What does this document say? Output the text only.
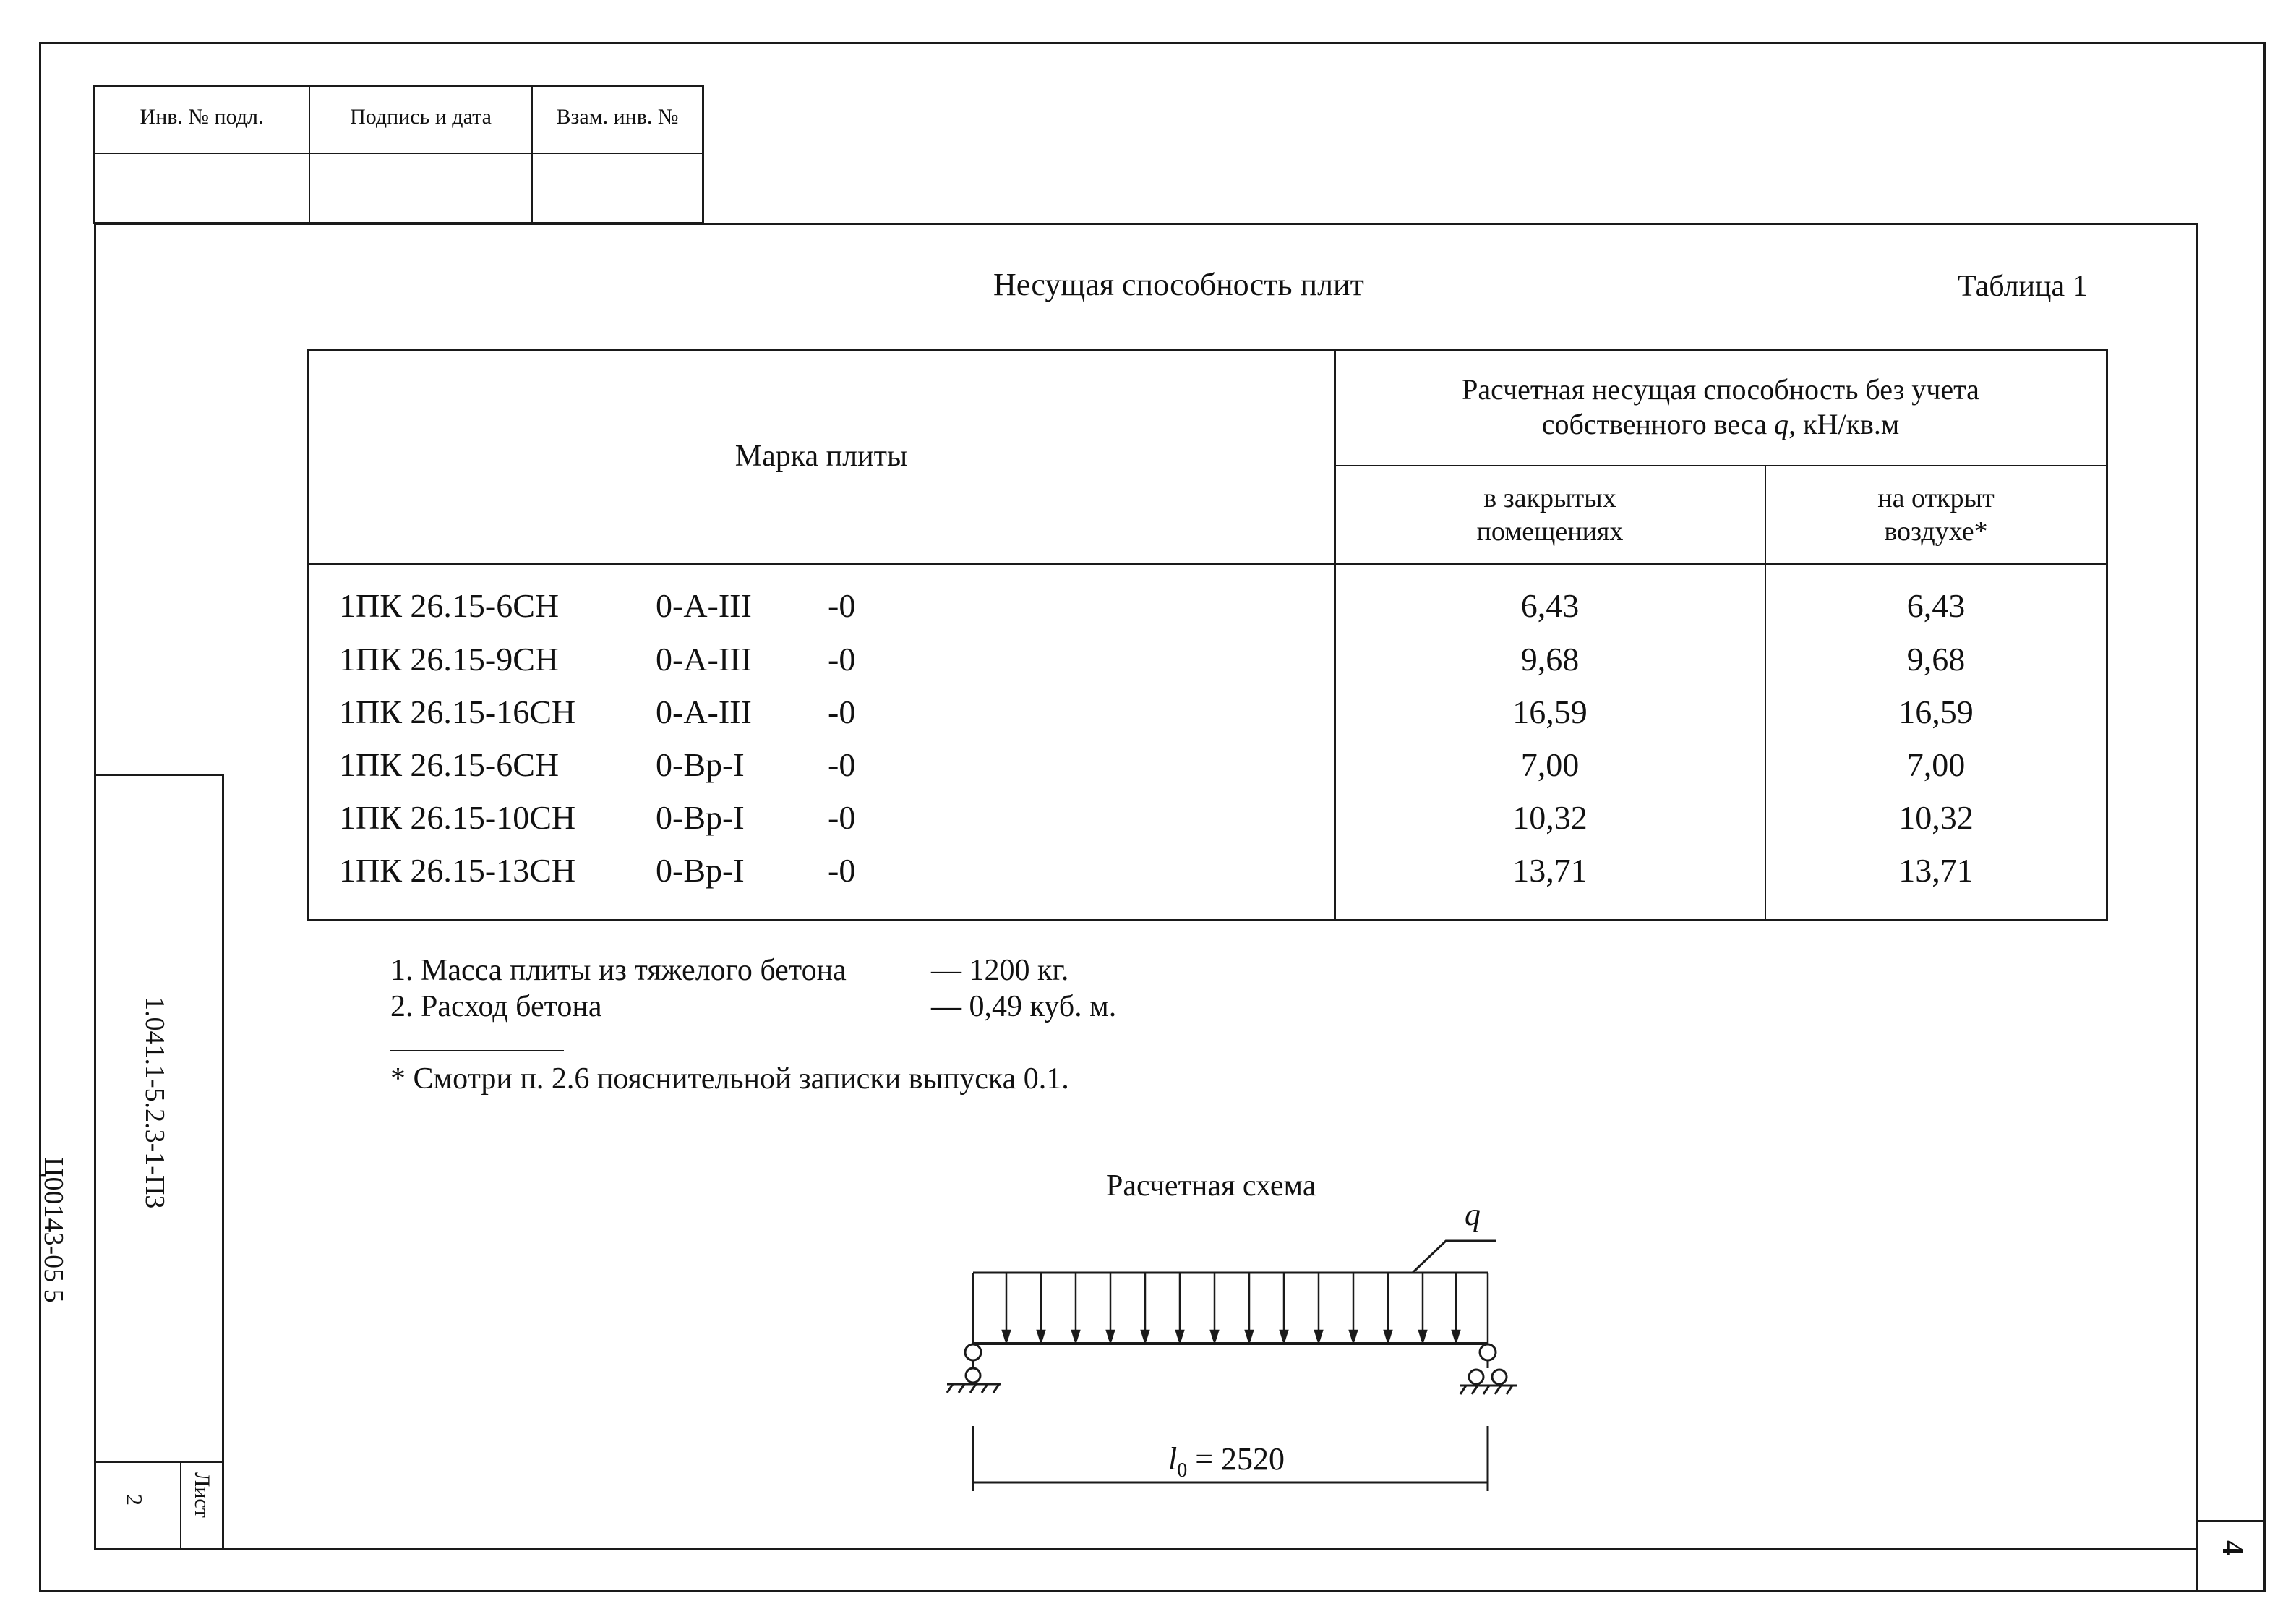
Инв. № подл.	Подпись и дата	Взам. инв. №
1.041.1-5.2.3-1-ПЗ
Лист
2
Ц00143-05 5
4
Несущая способность плит	Таблица 1
Марка плиты
Расчетная несущая способность без учета
собственного веса q, кН/кв.м
в закрытых
помещениях
на открыт
воздухе*
1ПК 26.15-6СН	0-А-III -0	6,43	6,43
1ПК 26.15-9СН	0-А-III -0	9,68	9,68
1ПК 26.15-16СН 0-А-III -0	16,59	16,59
1ПК 26.15-6СН	0-Вр-I	-0	7,00	7,00
1ПК 26.15-10СН 0-Вр-I	-0	10,32	10,32
1ПК 26.15-13СН 0-Вр-I	-0	13,71	13,71
1. Масса плиты из тяжелого бетона	— 1200 кг.
2. Расход бетона	— 0,49 куб. м.
* Смотри п. 2.6 пояснительной записки выпуска 0.1.
Расчетная схема
q
$l_0 = 2520$
